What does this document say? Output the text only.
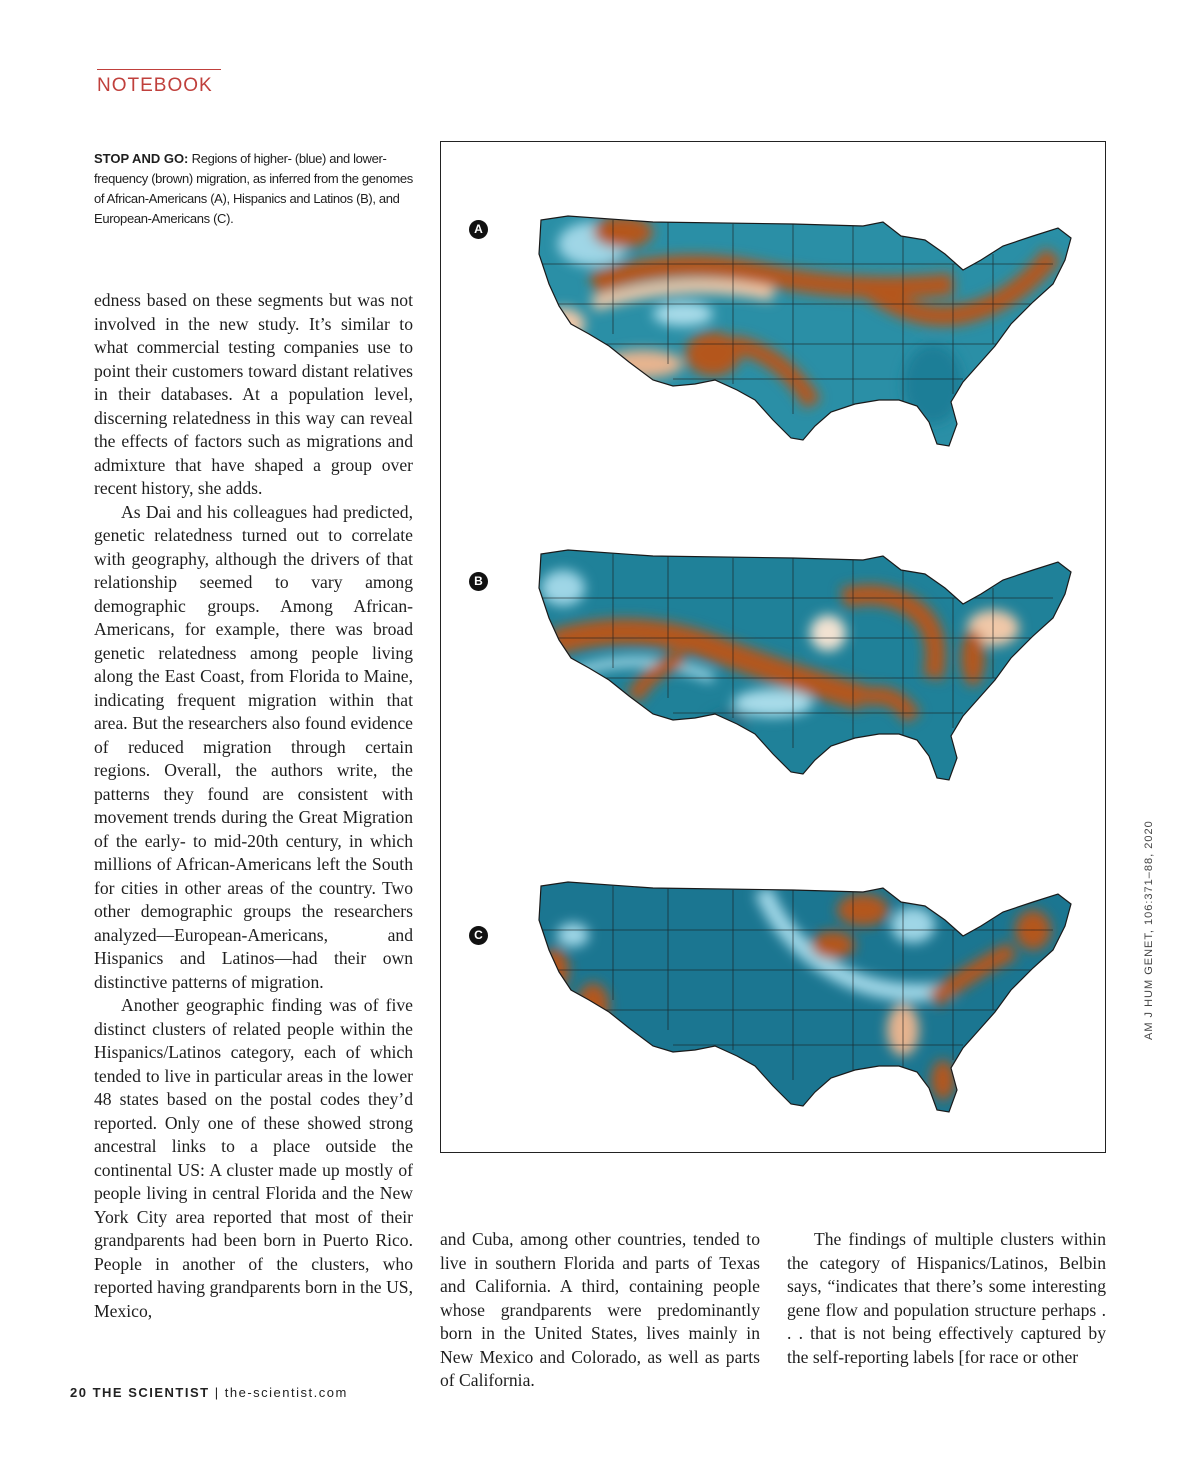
NOTEBOOK
STOP AND GO: Regions of higher- (blue) and lower-frequency (brown) migration, as inferred from the genomes of African-Americans (A), Hispanics and Latinos (B), and European-Americans (C).

edness based on these segments but was not involved in the new study. It’s similar to what commercial testing companies use to point their customers toward distant relatives in their databases. At a population level, discerning relatedness in this way can reveal the effects of factors such as migrations and admixture that have shaped a group over recent history, she adds.

As Dai and his colleagues had predicted, genetic relatedness turned out to correlate with geography, although the drivers of that relationship seemed to vary among demographic groups. Among African-Americans, for example, there was broad genetic relatedness among people living along the East Coast, from Florida to Maine, indicating frequent migration within that area. But the researchers also found evidence of reduced migration through certain regions. Overall, the authors write, the patterns they found are consistent with movement trends during the Great Migration of the early- to mid-20th century, in which millions of African-Americans left the South for cities in other areas of the country. Two other demographic groups the researchers analyzed—European-Americans, and Hispanics and Latinos—had their own distinctive patterns of migration.

Another geographic finding was of five distinct clusters of related people within the Hispanics/Latinos category, each of which tended to live in particular areas in the lower 48 states based on the postal codes they’d reported. Only one of these showed strong ancestral links to a place outside the continental US: A cluster made up mostly of people living in central Florida and the New York City area reported that most of their grandparents had been born in Puerto Rico. People in another of the clusters, who reported having grandparents born in the US, Mexico,

A
B
C	AM J HUM GENET, 106:371–88, 2020

and Cuba, among other countries, tended to live in southern Florida and parts of Texas and California. A third, containing people whose grandparents were predominantly born in the United States, lives mainly in New Mexico and Colorado, as well as parts of California.

The findings of multiple clusters within the category of Hispanics/Latinos, Belbin says, “indicates that there’s some interesting gene flow and population structure perhaps . . . that is not being effectively captured by the self-reporting labels [for race or other

20 THE SCIENTIST | the-scientist.com
